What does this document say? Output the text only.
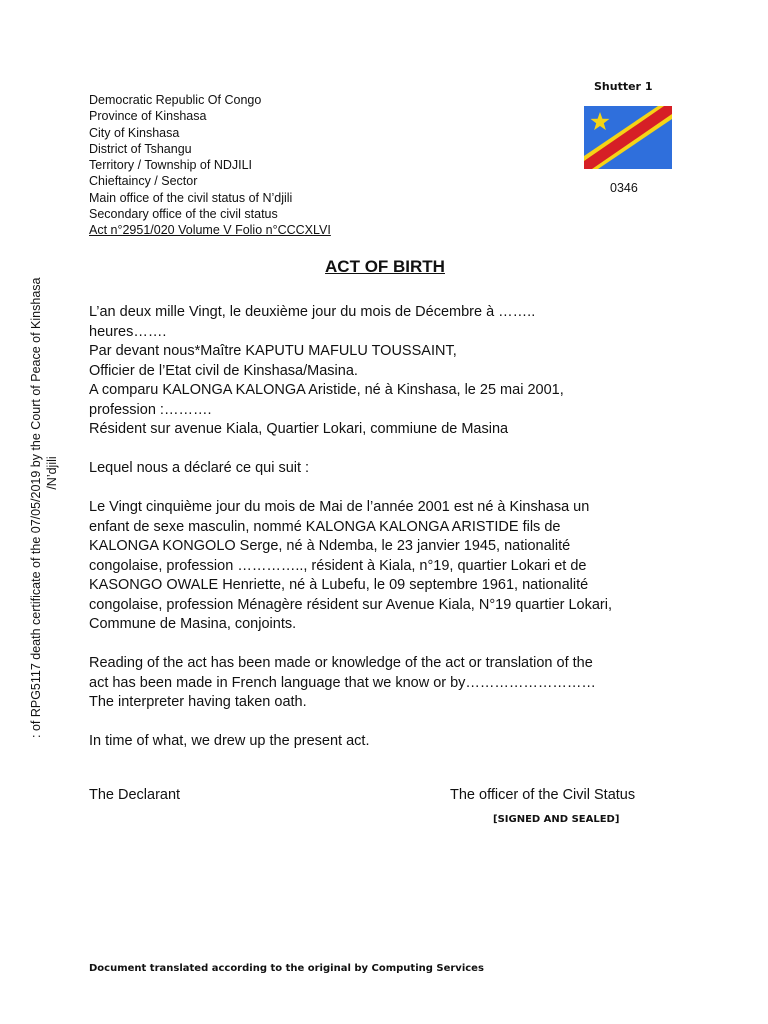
Democratic Republic Of Congo
Province of Kinshasa
City of Kinshasa
District of Tshangu
Territory / Township of NDJILI
Chieftaincy / Sector
Main office of the civil status of N’djili
Secondary office of the civil status
Act n°2951/020 Volume V Folio n°CCCXLVI
Shutter 1
0346
ACT OF BIRTH

L’an deux mille Vingt, le deuxième jour du mois de Décembre à ……..

heures…….

Par devant nous*Maître KAPUTU MAFULU TOUSSAINT,

Officier de l’Etat civil de Kinshasa/Masina.

A comparu KALONGA KALONGA Aristide, né à Kinshasa, le 25 mai 2001,

profession :……….

Résident sur avenue Kiala, Quartier Lokari, commiune de Masina

Lequel nous a déclaré ce qui suit :

Le Vingt cinquième jour du mois de Mai de l’année 2001 est né à Kinshasa un

enfant de sexe masculin, nommé KALONGA KALONGA ARISTIDE fils de

KALONGA KONGOLO Serge, né à Ndemba, le 23 janvier 1945, nationalité

congolaise, profession ………….., résident à Kiala, n°19, quartier Lokari et de

KASONGO OWALE Henriette, né à Lubefu, le 09 septembre 1961, nationalité

congolaise, profession Ménagère résident sur Avenue Kiala, N°19 quartier Lokari,

Commune de Masina, conjoints.

Reading of the act has been made or knowledge of the act or translation of the

act has been made in French language that we know or by………………………

The interpreter having taken oath.

In time of what, we drew up the present act.

The Declarant	The officer of the Civil Status
[SIGNED AND SEALED]
Document translated according to the original by Computing Services
: of RPG5117 death certificate of the 07/05/2019 by the Court of Peace of Kinshasa /N’djili
